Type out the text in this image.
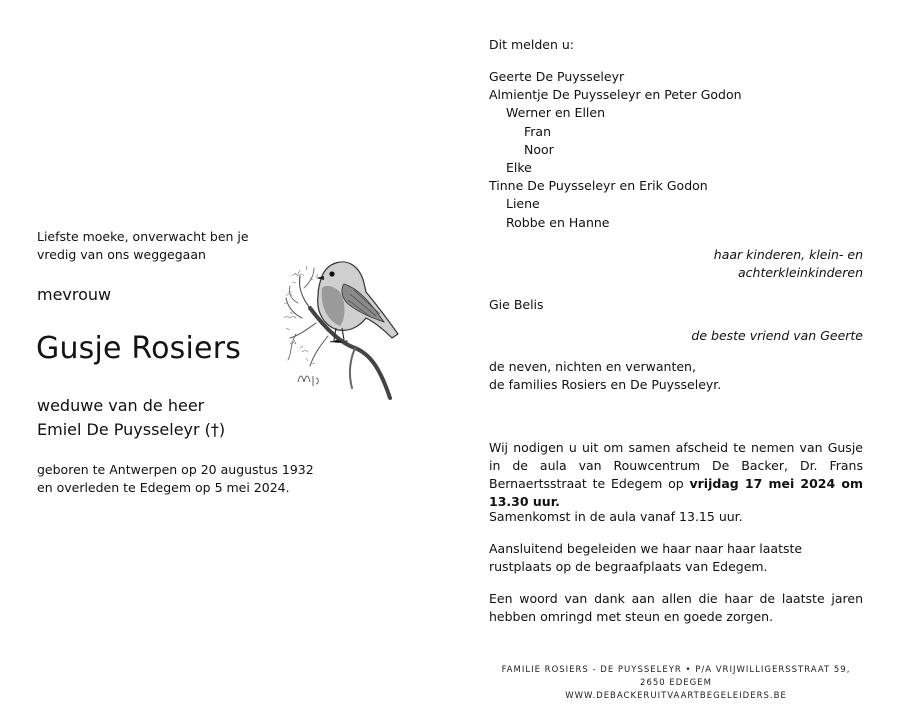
Liefste moeke, onverwacht ben je
vredig van ons weggegaan
mevrouw
Gusje Rosiers
weduwe van de heer
Emiel De Puysseleyr (†)
geboren te Antwerpen op 20 augustus 1932
en overleden te Edegem op 5 mei 2024.
Dit melden u:
Geerte De Puysseleyr
Almientje De Puysseleyr en Peter Godon
Werner en Ellen
Fran
Noor
Elke
Tinne De Puysseleyr en Erik Godon
Liene
Robbe en Hanne
haar kinderen, klein- en
achterkleinkinderen
Gie Belis
de beste vriend van Geerte
de neven, nichten en verwanten,
de families Rosiers en De Puysseleyr.
Wij nodigen u uit om samen afscheid te nemen van Gusje in de aula van Rouwcentrum De Backer, Dr. Frans Bernaertsstraat te Edegem op vrijdag 17 mei 2024 om 13.30 uur.
Samenkomst in de aula vanaf 13.15 uur.
Aansluitend begeleiden we haar naar haar laatste rustplaats op de begraafplaats van Edegem.
Een woord van dank aan allen die haar de laatste jaren hebben omringd met steun en goede zorgen.
FAMILIE ROSIERS - DE PUYSSELEYR • P/A VRIJWILLIGERSSTRAAT 59, 2650 EDEGEM
WWW.DEBACKERUITVAARTBEGELEIDERS.BE
